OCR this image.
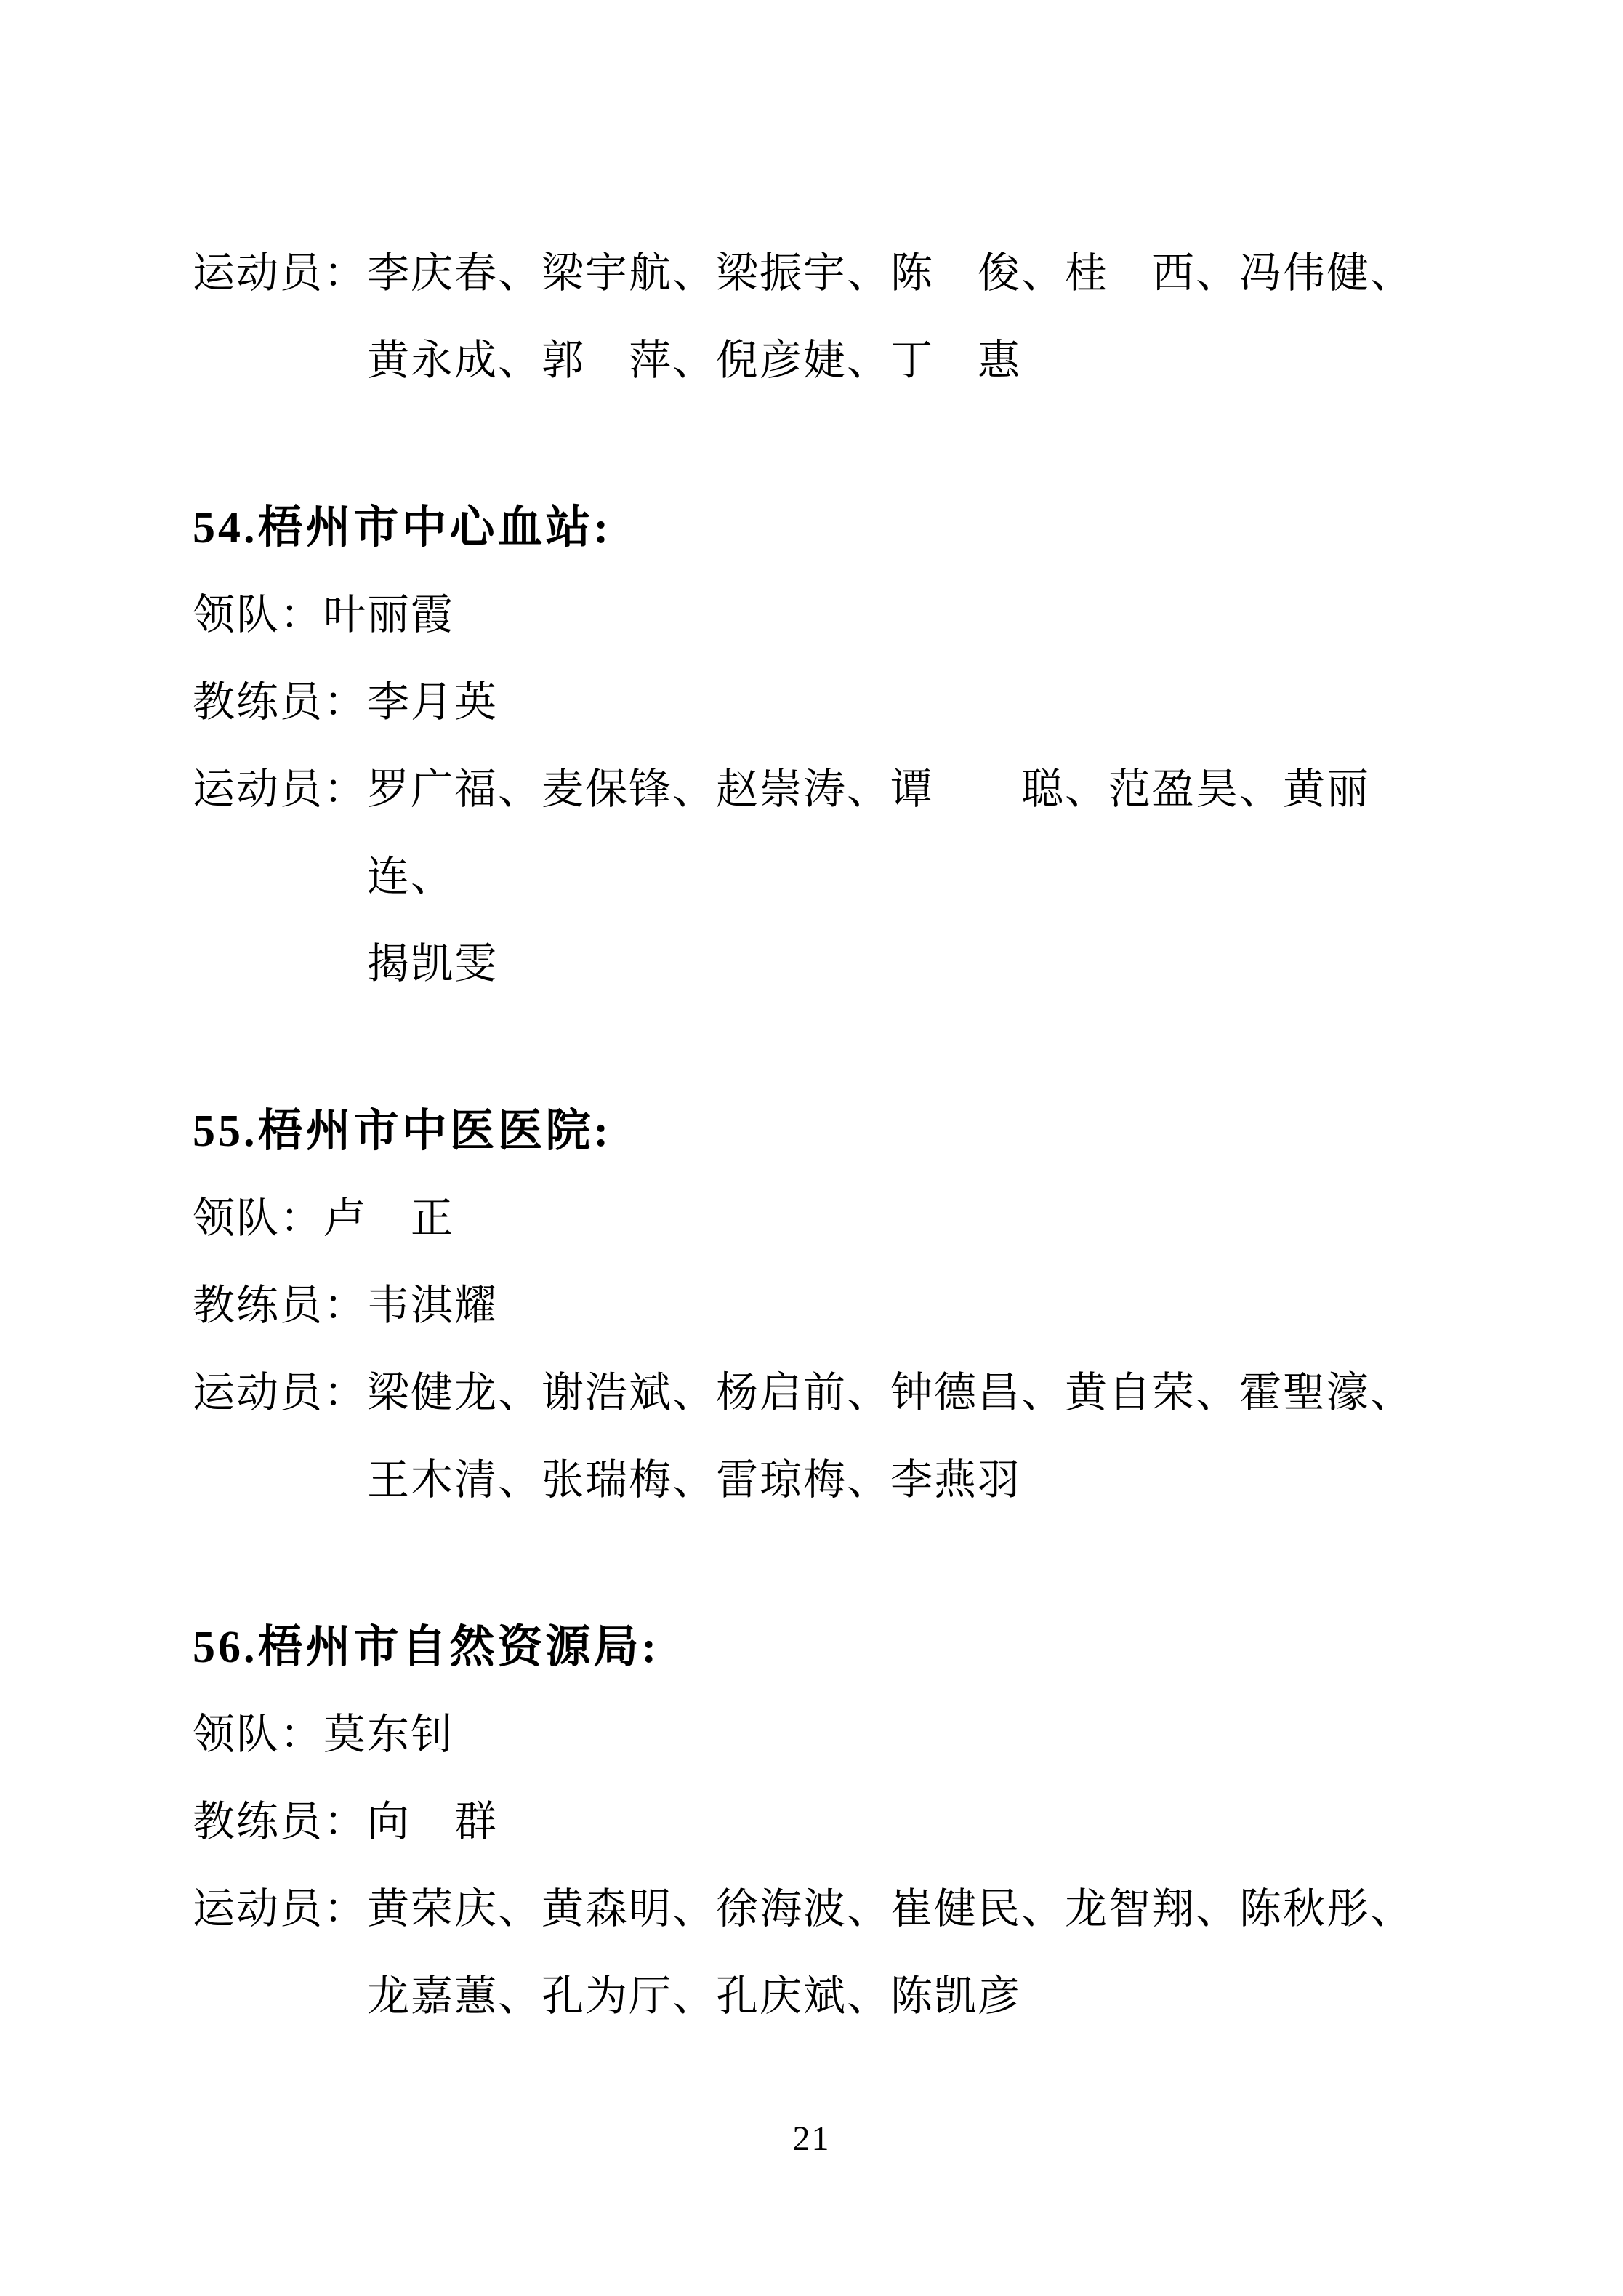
运动员： 李庆春、梁宇航、梁振宇、陈　俊、桂　西、冯伟健、
黄永成、郭　萍、倪彦婕、丁　惠

54.梧州市中心血站:

领队：叶丽霞

教练员：李月英

运动员： 罗广福、麦保锋、赵崇涛、谭　　聪、范盈昊、黄丽连、
揭凯雯

55.梧州市中医医院:

领队：卢　正

教练员：韦淇耀

运动员： 梁健龙、谢浩斌、杨启前、钟德昌、黄自荣、霍聖濠、
王木清、张瑞梅、雷琼梅、李燕羽

56.梧州市自然资源局:

领队：莫东钊

教练员：向　群

运动员： 黄荣庆、黄森明、徐海波、崔健民、龙智翔、陈秋彤、
龙嘉蕙、孔为厅、孔庆斌、陈凯彦

21
